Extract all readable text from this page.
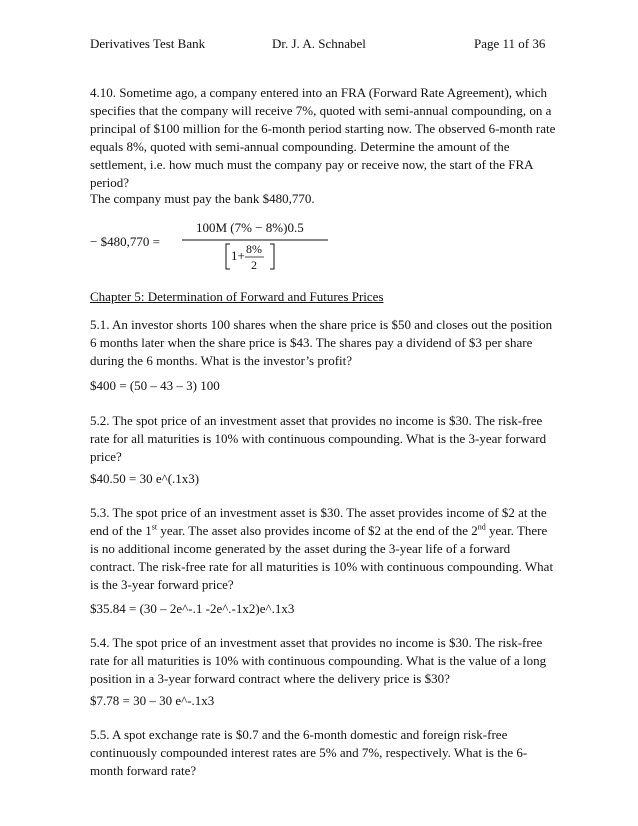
Derivatives Test Bank	Dr. J. A. Schnabel	Page 11 of 36
4.10. Sometime ago, a company entered into an FRA (Forward Rate Agreement), which
specifies that the company will receive 7%, quoted with semi-annual compounding, on a
principal of $100 million for the 6-month period starting now. The observed 6-month rate
equals 8%, quoted with semi-annual compounding. Determine the amount of the
settlement, i.e. how much must the company pay or receive now, the start of the FRA
period?
The company must pay the bank $480,770.
− $480,770 =
100M (7% − 8%)0.5
1+ 8%
2
Chapter 5: Determination of Forward and Futures Prices
5.1. An investor shorts 100 shares when the share price is $50 and closes out the position
6 months later when the share price is $43. The shares pay a dividend of $3 per share
during the 6 months. What is the investor’s profit?
$400 = (50 – 43 – 3) 100
5.2. The spot price of an investment asset that provides no income is $30. The risk-free
rate for all maturities is 10% with continuous compounding. What is the 3-year forward
price?
$40.50 = 30 e^(.1x3)
5.3. The spot price of an investment asset is $30. The asset provides income of $2 at the
end of the 1st year. The asset also provides income of $2 at the end of the 2nd year. There
is no additional income generated by the asset during the 3-year life of a forward
contract. The risk-free rate for all maturities is 10% with continuous compounding. What
is the 3-year forward price?
$35.84 = (30 – 2e^-.1 -2e^.-1x2)e^.1x3
5.4. The spot price of an investment asset that provides no income is $30. The risk-free
rate for all maturities is 10% with continuous compounding. What is the value of a long
position in a 3-year forward contract where the delivery price is $30?
$7.78 = 30 – 30 e^-.1x3
5.5. A spot exchange rate is $0.7 and the 6-month domestic and foreign risk-free
continuously compounded interest rates are 5% and 7%, respectively. What is the 6-
month forward rate?
